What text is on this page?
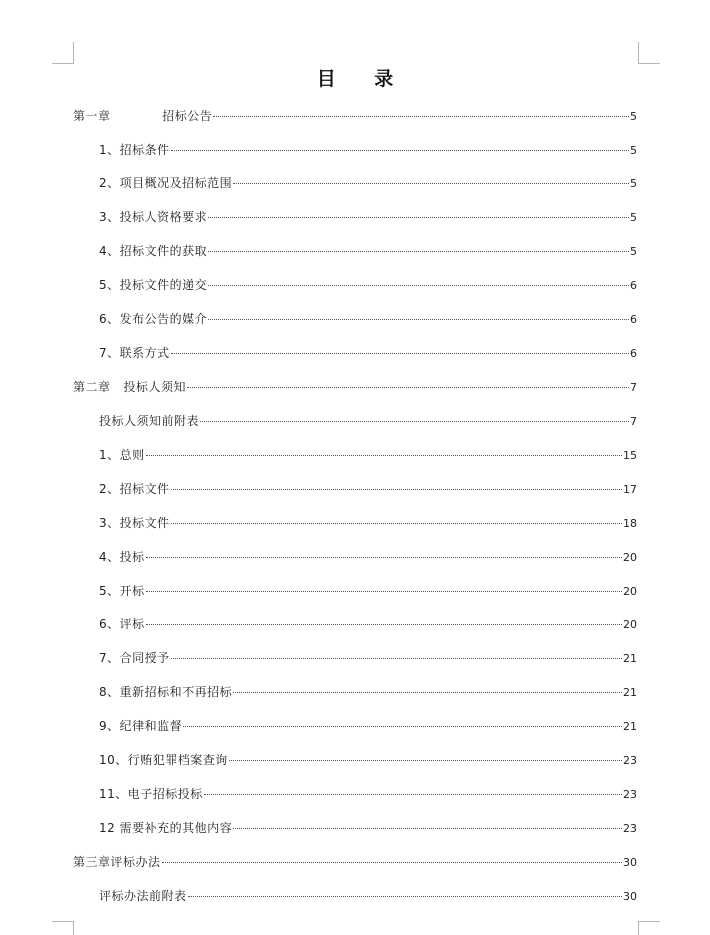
目 录
第一章            招标公告	5
1、招标条件	5
2、项目概况及招标范围	5
3、投标人资格要求	5
4、招标文件的获取	5
5、投标文件的递交	6
6、发布公告的媒介	6
7、联系方式	6
第二章   投标人须知	7
投标人须知前附表	7
1、总则	15
2、招标文件	17
3、投标文件	18
4、投标	20
5、开标	20
6、评标	20
7、合同授予	21
8、重新招标和不再招标	21
9、纪律和监督	21
10、行贿犯罪档案查询	23
11、电子招标投标	23
12 需要补充的其他内容	23
第三章评标办法	30
评标办法前附表	30
